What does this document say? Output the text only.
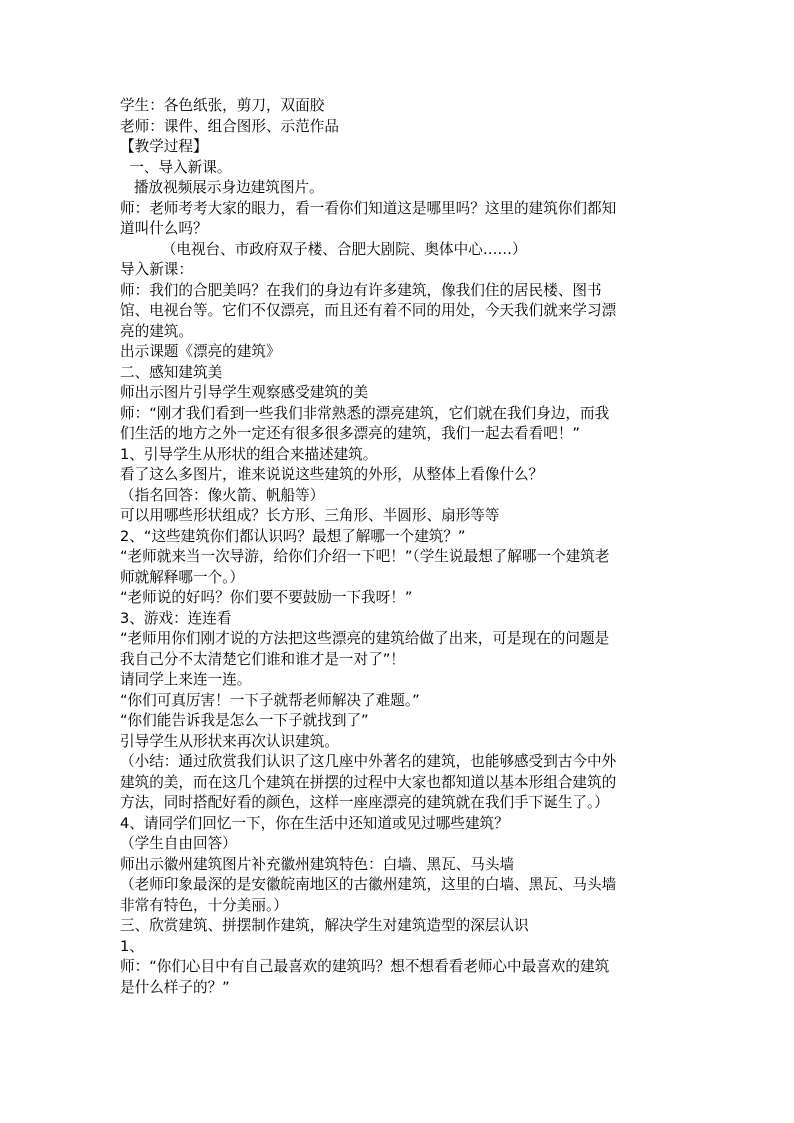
学生：各色纸张，剪刀，双面胶

老师：课件、组合图形、示范作品

【教学过程】

一、导入新课。

播放视频展示身边建筑图片。

师：老师考考大家的眼力，看一看你们知道这是哪里吗？这里的建筑你们都知

道叫什么吗？

（电视台、市政府双子楼、合肥大剧院、奥体中心……）

导入新课：

师：我们的合肥美吗？在我们的身边有许多建筑，像我们住的居民楼、图书

馆、电视台等。它们不仅漂亮，而且还有着不同的用处，今天我们就来学习漂

亮的建筑。

出示课题《漂亮的建筑》

二、感知建筑美

师出示图片引导学生观察感受建筑的美

师：“刚才我们看到一些我们非常熟悉的漂亮建筑，它们就在我们身边，而我

们生活的地方之外一定还有很多很多漂亮的建筑，我们一起去看看吧！”

1、引导学生从形状的组合来描述建筑。

看了这么多图片，谁来说说这些建筑的外形，从整体上看像什么？

（指名回答：像火箭、帆船等）

可以用哪些形状组成？长方形、三角形、半圆形、扇形等等

2、“这些建筑你们都认识吗？最想了解哪一个建筑？”

“老师就来当一次导游，给你们介绍一下吧！”（学生说最想了解哪一个建筑老

师就解释哪一个。）

“老师说的好吗？你们要不要鼓励一下我呀！”

3、游戏：连连看

“老师用你们刚才说的方法把这些漂亮的建筑给做了出来，可是现在的问题是

我自己分不太清楚它们谁和谁才是一对了”！

请同学上来连一连。

“你们可真厉害！一下子就帮老师解决了难题。”

“你们能告诉我是怎么一下子就找到了”

引导学生从形状来再次认识建筑。

（小结：通过欣赏我们认识了这几座中外著名的建筑，也能够感受到古今中外

建筑的美，而在这几个建筑在拼摆的过程中大家也都知道以基本形组合建筑的

方法，同时搭配好看的颜色，这样一座座漂亮的建筑就在我们手下诞生了。）

4、请同学们回忆一下，你在生活中还知道或见过哪些建筑？

（学生自由回答）

师出示徽州建筑图片补充徽州建筑特色：白墙、黑瓦、马头墙

（老师印象最深的是安徽皖南地区的古徽州建筑，这里的白墙、黑瓦、马头墙

非常有特色，十分美丽。）

三、欣赏建筑、拼摆制作建筑，解决学生对建筑造型的深层认识

1、

师：“你们心目中有自己最喜欢的建筑吗？想不想看看老师心中最喜欢的建筑

是什么样子的？”
